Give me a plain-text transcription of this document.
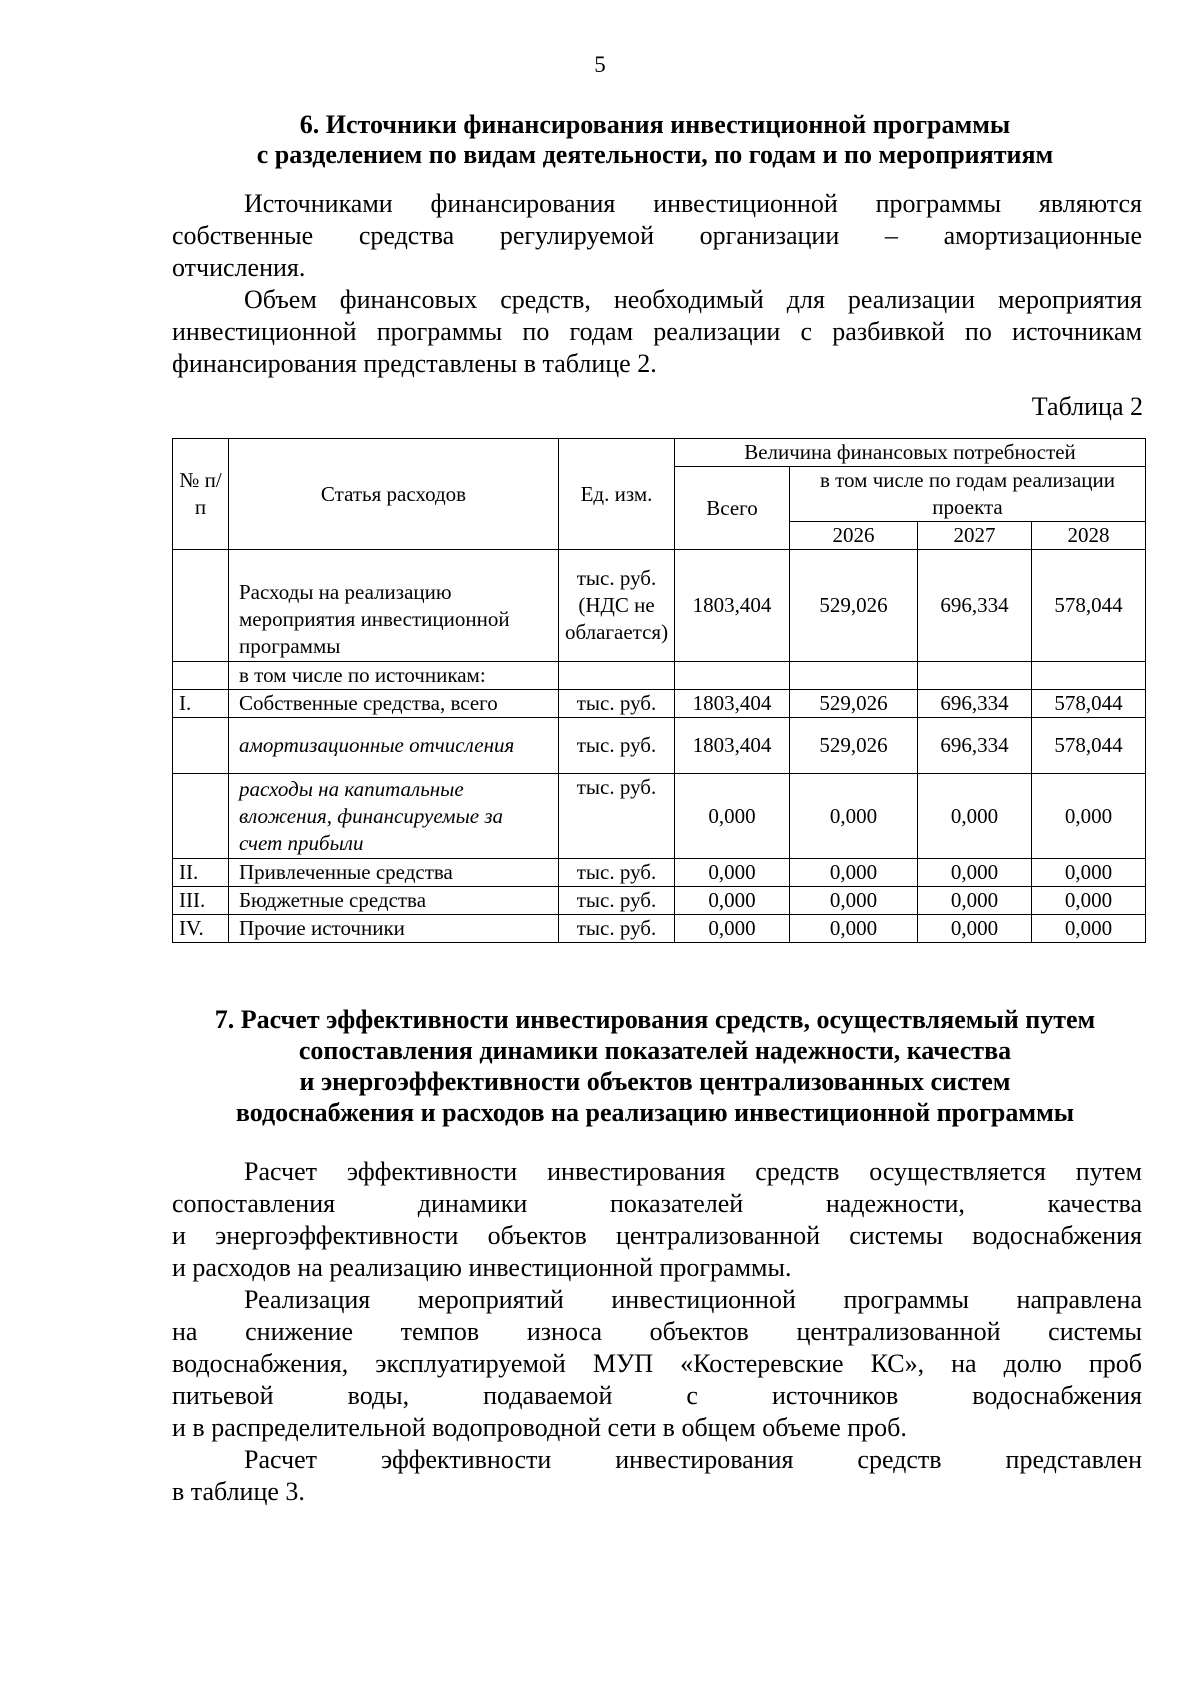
5
6. Источники финансирования инвестиционной программы
с разделением по видам деятельности, по годам и по мероприятиям
Источниками финансирования инвестиционной программы являются
собственные средства регулируемой организации – амортизационные
отчисления.
Объем финансовых средств, необходимый для реализации мероприятия
инвестиционной программы по годам реализации с разбивкой по источникам
финансирования представлены в таблице 2.
Таблица 2
№ п/п	Статья расходов	Ед. изм.	Величина финансовых потребностей			
			Всего	в том числе по годам реализации проекта		
				2026	2027	2028
	Расходы на реализацию мероприятия инвестиционной программы	тыс. руб. (НДС не облагается)	1803,404	529,026	696,334	578,044
	в том числе по источникам:					
I.	Собственные средства, всего	тыс. руб.	1803,404	529,026	696,334	578,044
	амортизационные отчисления	тыс. руб.	1803,404	529,026	696,334	578,044
	расходы на капитальные вложения, финансируемые за счет прибыли	тыс. руб.	0,000	0,000	0,000	0,000
II.	Привлеченные средства	тыс. руб.	0,000	0,000	0,000	0,000
III.	Бюджетные средства	тыс. руб.	0,000	0,000	0,000	0,000
IV.	Прочие источники	тыс. руб.	0,000	0,000	0,000	0,000
7. Расчет эффективности инвестирования средств, осуществляемый путем
сопоставления динамики показателей надежности, качества
и энергоэффективности объектов централизованных систем
водоснабжения и расходов на реализацию инвестиционной программы
Расчет эффективности инвестирования средств осуществляется путем
сопоставления динамики показателей надежности, качества
и энергоэффективности объектов централизованной системы водоснабжения
и расходов на реализацию инвестиционной программы.
Реализация мероприятий инвестиционной программы направлена
на снижение темпов износа объектов централизованной системы
водоснабжения, эксплуатируемой МУП «Костеревские КС», на долю проб
питьевой воды, подаваемой с источников водоснабжения
и в распределительной водопроводной сети в общем объеме проб.
Расчет эффективности инвестирования средств представлен
в таблице 3.
